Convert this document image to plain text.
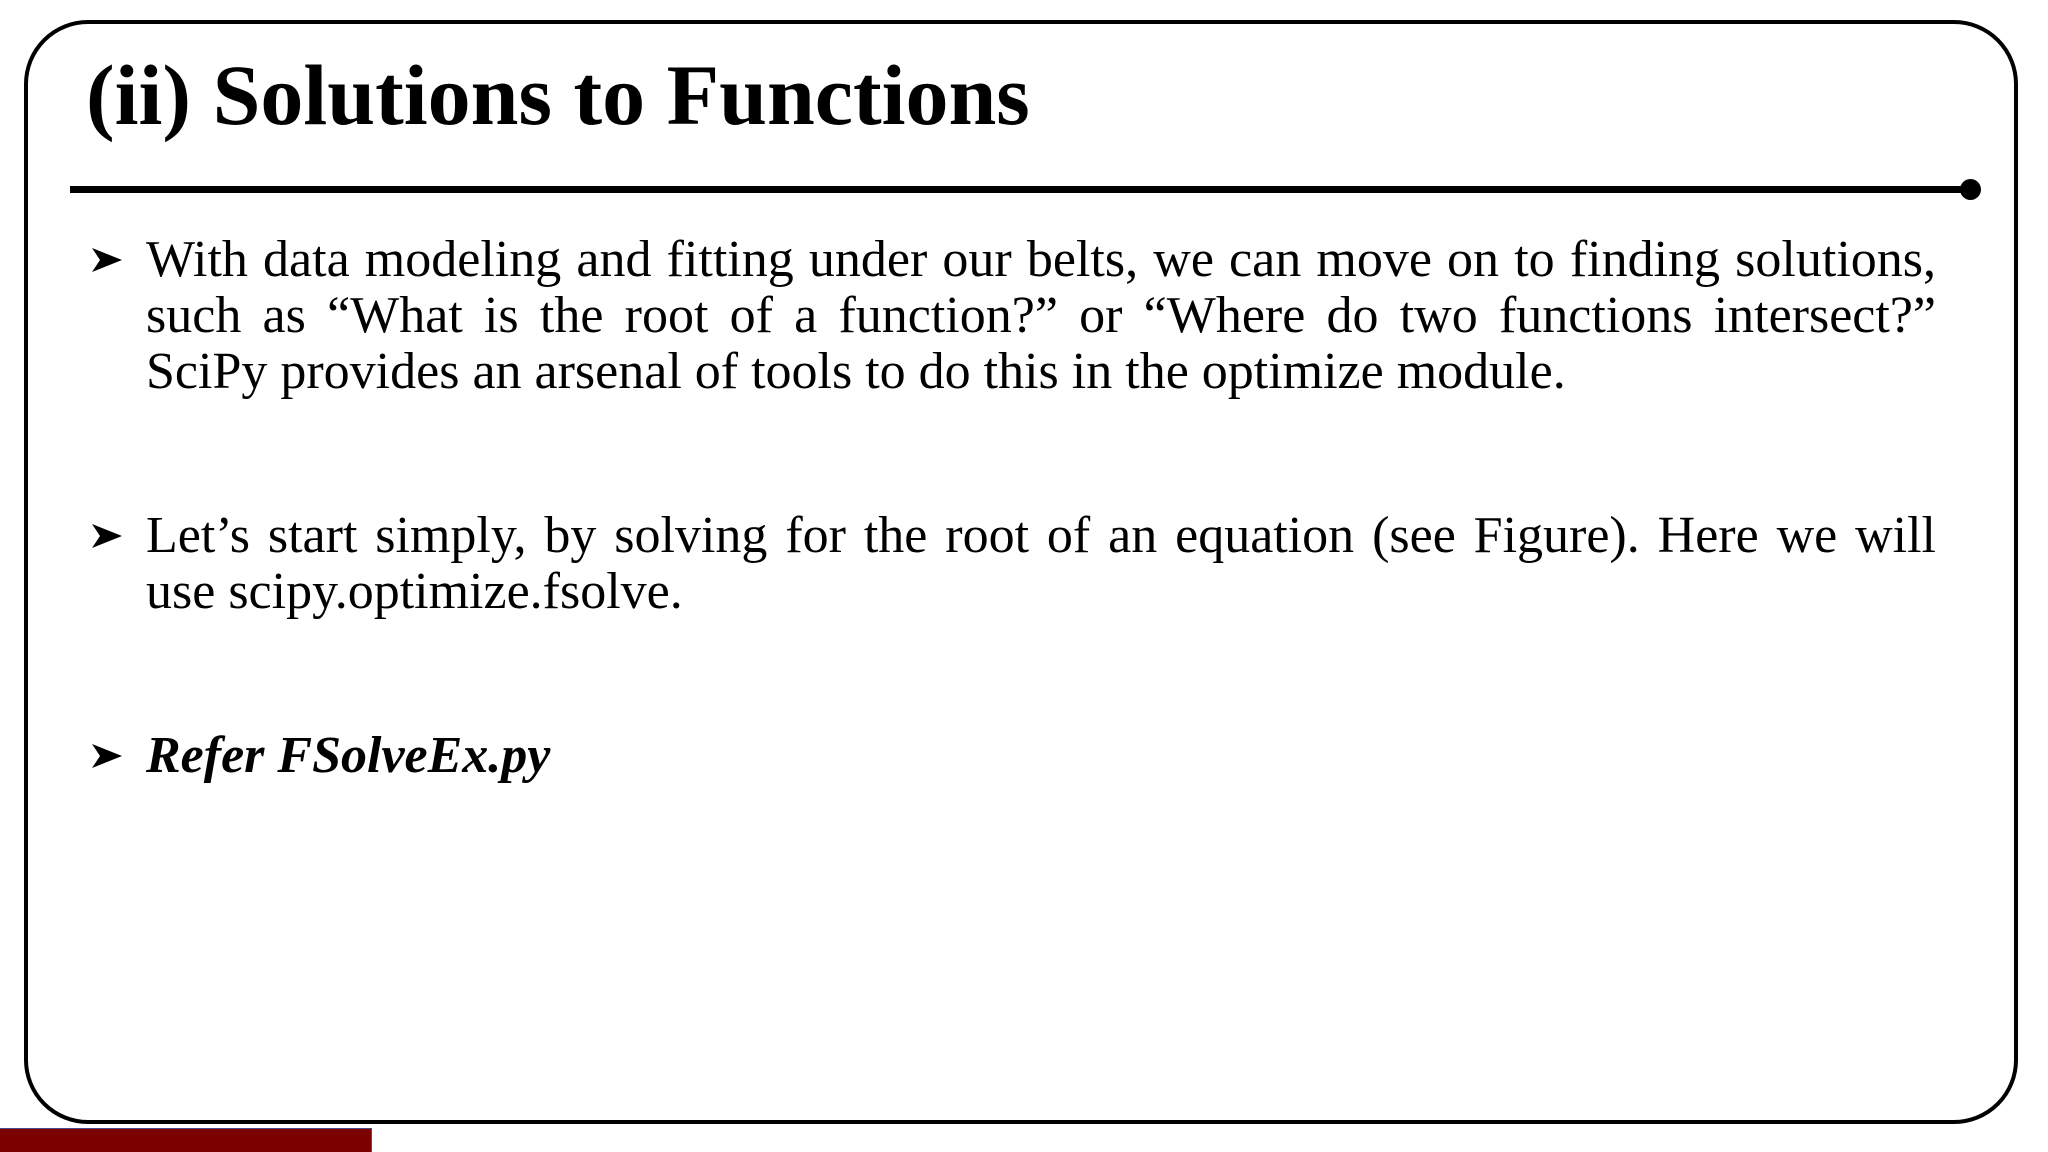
(ii) Solutions to Functions
With data modeling and fitting under our belts, we can move on to finding solutions, such as “What is the root of a function?” or “Where do two functions intersect?” SciPy provides an arsenal of tools to do this in the optimize module.
Let’s start simply, by solving for the root of an equation (see Figure). Here we will use scipy.optimize.fsolve.
Refer FSolveEx.py
